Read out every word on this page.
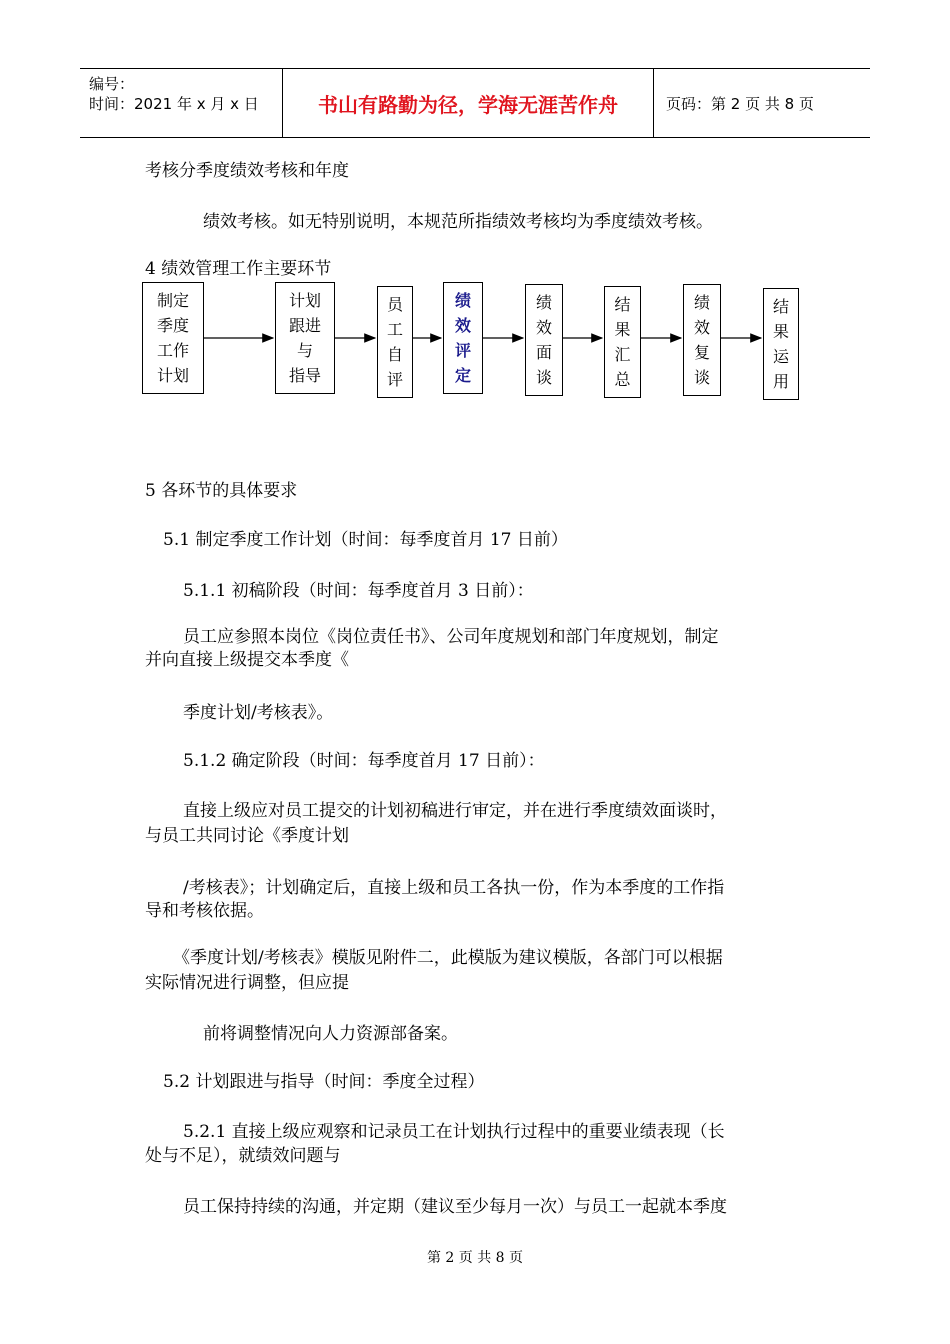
编号：
时间：2021 年 x 月 x 日	书山有路勤为径，学海无涯苦作舟	页码：第 2 页 共 8 页
考核分季度绩效考核和年度
绩效考核。如无特别说明，本规范所指绩效考核均为季度绩效考核。
4 绩效管理工作主要环节
制定
季度
工作
计划
计划
跟进
与
指导
员
工
自
评
绩
效
评
定
绩
效
面
谈
结
果
汇
总
绩
效
复
谈
结
果
运
用
5 各环节的具体要求
5.1 制定季度工作计划（时间：每季度首月 17 日前）
5.1.1 初稿阶段（时间：每季度首月 3 日前）：
员工应参照本岗位《岗位责任书》、公司年度规划和部门年度规划，制定
并向直接上级提交本季度《
季度计划/考核表》。
5.1.2 确定阶段（时间：每季度首月 17 日前）：
直接上级应对员工提交的计划初稿进行审定，并在进行季度绩效面谈时，
与员工共同讨论《季度计划
/考核表》；计划确定后，直接上级和员工各执一份，作为本季度的工作指
导和考核依据。
《季度计划/考核表》模版见附件二，此模版为建议模版，各部门可以根据
实际情况进行调整，但应提
前将调整情况向人力资源部备案。
5.2 计划跟进与指导（时间：季度全过程）
5.2.1 直接上级应观察和记录员工在计划执行过程中的重要业绩表现（长
处与不足），就绩效问题与
员工保持持续的沟通，并定期（建议至少每月一次）与员工一起就本季度
第 2 页 共 8 页
